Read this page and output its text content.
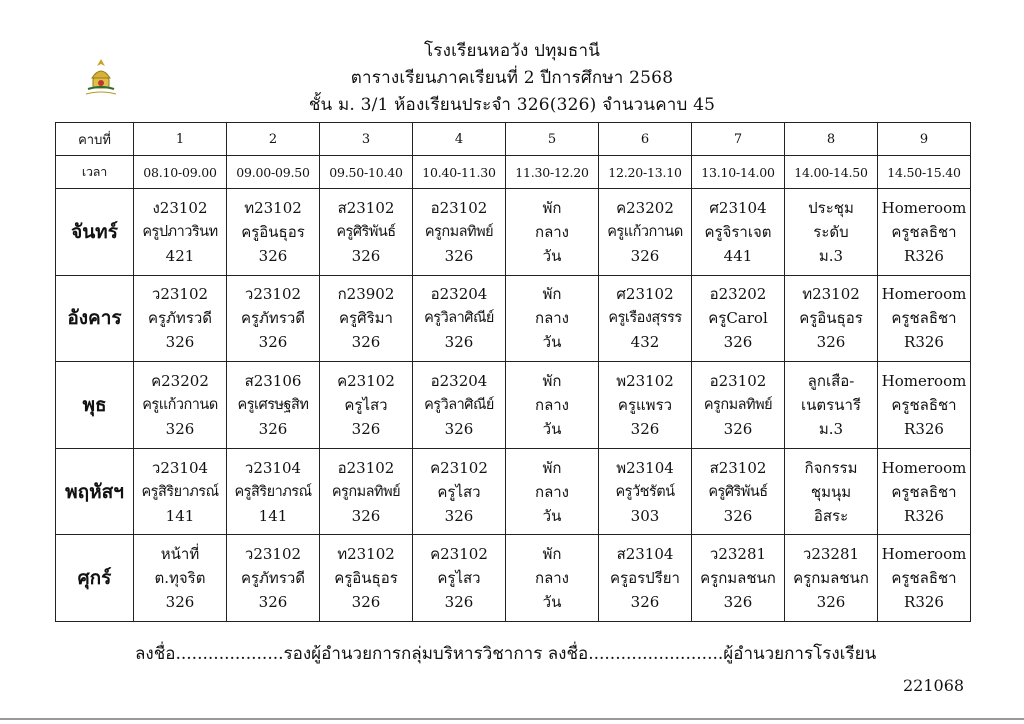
โรงเรียนหอวัง ปทุมธานี
ตารางเรียนภาคเรียนที่ 2 ปีการศึกษา 2568
ชั้น ม. 3/1 ห้องเรียนประจำ 326(326) จำนวนคาบ 45
คาบที่	1	2	3	4	5	6	7	8	9
เวลา	08.10-09.00	09.00-09.50	09.50-10.40	10.40-11.30	11.30-12.20	12.20-13.10	13.10-14.00	14.00-14.50	14.50-15.40
จันทร์	ง23102
ครูปภาวรินท
421	ท23102
ครูอินธุอร
326	ส23102
ครูศิริพันธ์
326	อ23102
ครูกมลทิพย์
326	พัก
กลาง
วัน	ค23202
ครูแก้วกานด
326	ศ23104
ครูจิราเจต
441	ประชุม
ระดับ
ม.3	Homeroom
ครูชลธิชา
R326

อังคาร	ว23102
ครูภัทรวดี
326	ว23102
ครูภัทรวดี
326	ก23902
ครูศิริมา
326	อ23204
ครูวิลาศิณีย์
326	พัก
กลาง
วัน	ศ23102
ครูเรืองสุรรร
432	อ23202
ครูCarol
326	ท23102
ครูอินธุอร
326	Homeroom
ครูชลธิชา
R326

พุธ	ค23202
ครูแก้วกานด
326	ส23106
ครูเศรษฐสิท
326	ค23102
ครูไสว
326	อ23204
ครูวิลาศิณีย์
326	พัก
กลาง
วัน	พ23102
ครูแพรว
326	อ23102
ครูกมลทิพย์
326	ลูกเสือ-
เนตรนารี
ม.3	Homeroom
ครูชลธิชา
R326

พฤหัสฯ	ว23104
ครูสิริยาภรณ์
141	ว23104
ครูสิริยาภรณ์
141	อ23102
ครูกมลทิพย์
326	ค23102
ครูไสว
326	พัก
กลาง
วัน	พ23104
ครูวัชรัตน์
303	ส23102
ครูศิริพันธ์
326	กิจกรรม
ชุมนุม
อิสระ	Homeroom
ครูชลธิชา
R326

ศุกร์	หน้าที่
ต.ทุจริต
326	ว23102
ครูภัทรวดี
326	ท23102
ครูอินธุอร
326	ค23102
ครูไสว
326	พัก
กลาง
วัน	ส23104
ครูอรปรียา
326	ว23281
ครูกมลชนก
326	ว23281
ครูกมลชนก
326	Homeroom
ครูชลธิชา
R326
ลงชื่อ....................รองผู้อำนวยการกลุ่มบริหารวิชาการ ลงชื่อ.........................ผู้อำนวยการโรงเรียน
221068
